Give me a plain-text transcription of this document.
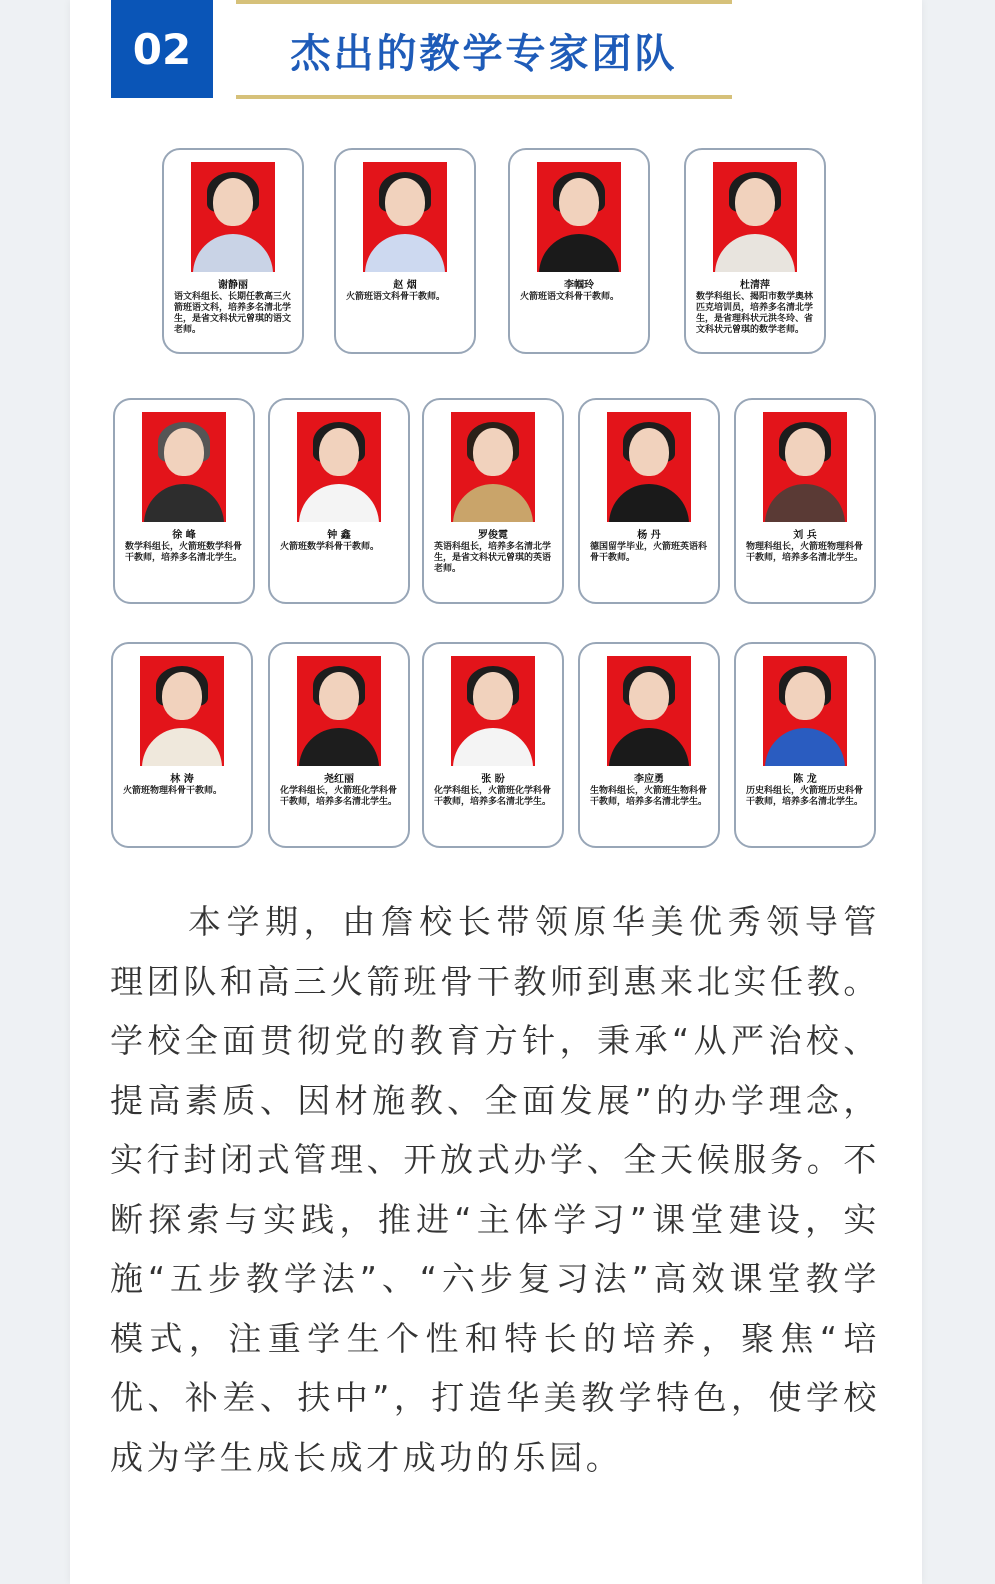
02	杰出的教学专家团队
谢静丽
语文科组长、长期任教高三火箭班语文科，培养多名清北学生，是省文科状元曾琪的语文老师。
赵 烟
火箭班语文科骨干教师。
李帼玲
火箭班语文科骨干教师。
杜清萍
数学科组长、揭阳市数学奥林匹克培训员，培养多名清北学生，是省理科状元洪冬玲、省文科状元曾琪的数学老师。
徐 峰
数学科组长，火箭班数学科骨干教师，培养多名清北学生。
钟 鑫
火箭班数学科骨干教师。
罗俊霓
英语科组长，培养多名清北学生，是省文科状元曾琪的英语老师。
杨 丹
德国留学毕业，火箭班英语科骨干教师。
刘 兵
物理科组长，火箭班物理科骨干教师，培养多名清北学生。
林 涛
火箭班物理科骨干教师。
尧红丽
化学科组长，火箭班化学科骨干教师，培养多名清北学生。
张 盼
化学科组长，火箭班化学科骨干教师，培养多名清北学生。
李应勇
生物科组长，火箭班生物科骨干教师，培养多名清北学生。
陈 龙
历史科组长，火箭班历史科骨干教师，培养多名清北学生。
本学期，由詹校长带领原华美优秀领导管理团队和高三火箭班骨干教师到惠来北实任教。学校全面贯彻党的教育方针，秉承“从严治校、提高素质、因材施教、全面发展”的办学理念，实行封闭式管理、开放式办学、全天候服务。不断探索与实践，推进“主体学习”课堂建设，实施“五步教学法”、“六步复习法”高效课堂教学模式，注重学生个性和特长的培养，聚焦“培优、补差、扶中”，打造华美教学特色，使学校成为学生成长成才成功的乐园。
